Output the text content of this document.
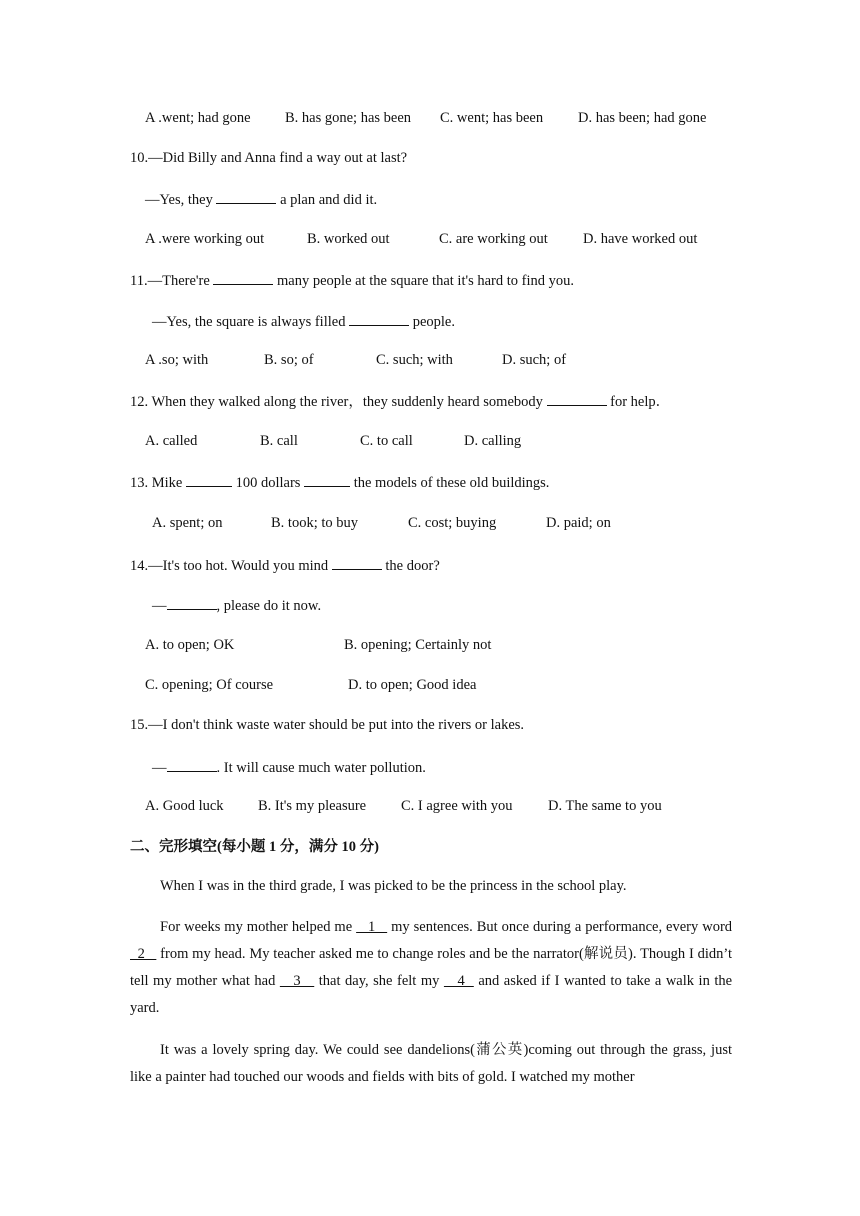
A .went; had gone B. has gone; has been C. went; has been D. has been; had gone
10.—Did Billy and Anna find a way out at last?
—Yes, they	a plan and did it.
A .were working out	B. worked out	C. are working out D. have worked out
11.—There're	many people at the square that it's hard to find you.
—Yes, the square is always filled	people.
A .so; with	B. so; of	C. such; with	D. such; of
12. When they walked along the river，they suddenly heard somebody	for help．
A. called	B. call	C. to call	D. calling
13. Mike	100 dollars	the models of these old buildings.
A. spent; on	B. took; to buy	C. cost; buying	D. paid; on
14.—It's too hot. Would you mind	the door?
—	, please do it now.
A. to open; OK	B. opening; Certainly not
C. opening; Of course	D. to open; Good idea
15.—I don't think waste water should be put into the rivers or lakes.
—	. It will cause much water pollution.
A. Good luck B. It's my pleasure C. I agree with you D. The same to you
二、完形填空(每小题 1 分，满分 10 分)

When I was in the third grade, I was picked to be the princess in the school play.

For weeks my mother helped me    1    my sentences. But once during a performance, every word   2    from my head. My teacher asked me to change roles and be the narrator(解说员). Though I didn’t tell my mother what had    3    that day, she felt my    4   and asked if I wanted to take a walk in the yard.

It was a lovely spring day. We could see dandelions(蒲公英)coming out through the grass, just like a painter had touched our woods and fields with bits of gold. I watched my mother
